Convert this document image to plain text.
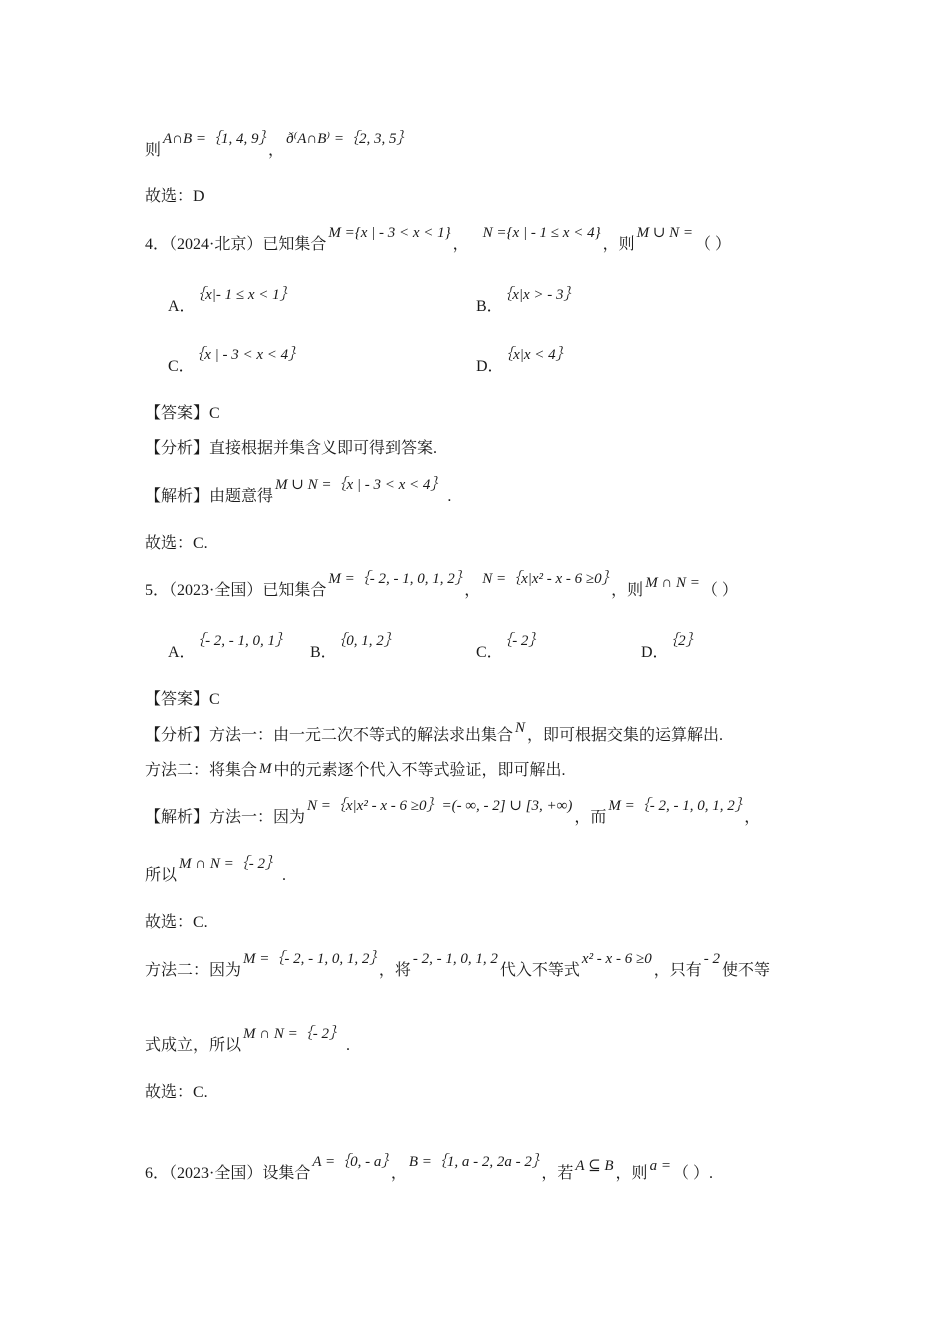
则A∩B =｛1, 4, 9｝，ð⁽A∩B⁾ =｛2, 3, 5｝
故选：D
4．（2024·北京）已知集合M ={x | - 3 < x < 1}，N ={x | - 1 ≤ x < 4}，则M ∪ N =（ ）
A．｛x|- 1 ≤ x < 1｝
B．｛x|x > - 3｝
C．｛x | - 3 < x < 4｝
D．｛x|x < 4｝
【答案】C
【分析】直接根据并集含义即可得到答案.
【解析】由题意得M ∪ N =｛x | - 3 < x < 4｝.
故选：C.
5．（2023·全国）已知集合M =｛- 2, - 1, 0, 1, 2｝，N =｛x|x² - x - 6 ≥0｝，则 M ∩ N = （ ）
A．｛- 2, - 1, 0, 1｝
B．｛0, 1, 2｝
C．｛- 2｝
D．｛2｝
【答案】C
【分析】方法一：由一元二次不等式的解法求出集合 N ，即可根据交集的运算解出.
方法二：将集合 M 中的元素逐个代入不等式验证，即可解出.
【解析】方法一：因为N =｛x|x² - x - 6 ≥0｝=(- ∞, - 2] ∪ [3, +∞)，而M =｛- 2, - 1, 0, 1, 2｝，
所以M ∩ N =｛- 2｝.
故选：C.
方法二：因为M =｛- 2, - 1, 0, 1, 2｝，将- 2, - 1, 0, 1, 2代入不等式x² - x - 6 ≥0，只有- 2使不等
式成立，所以M ∩ N =｛- 2｝.
故选：C.
6．（2023·全国）设集合A =｛0, - a｝，B =｛1, a - 2, 2a - 2｝，若 A ⊆ B ，则 a = （ ）.
